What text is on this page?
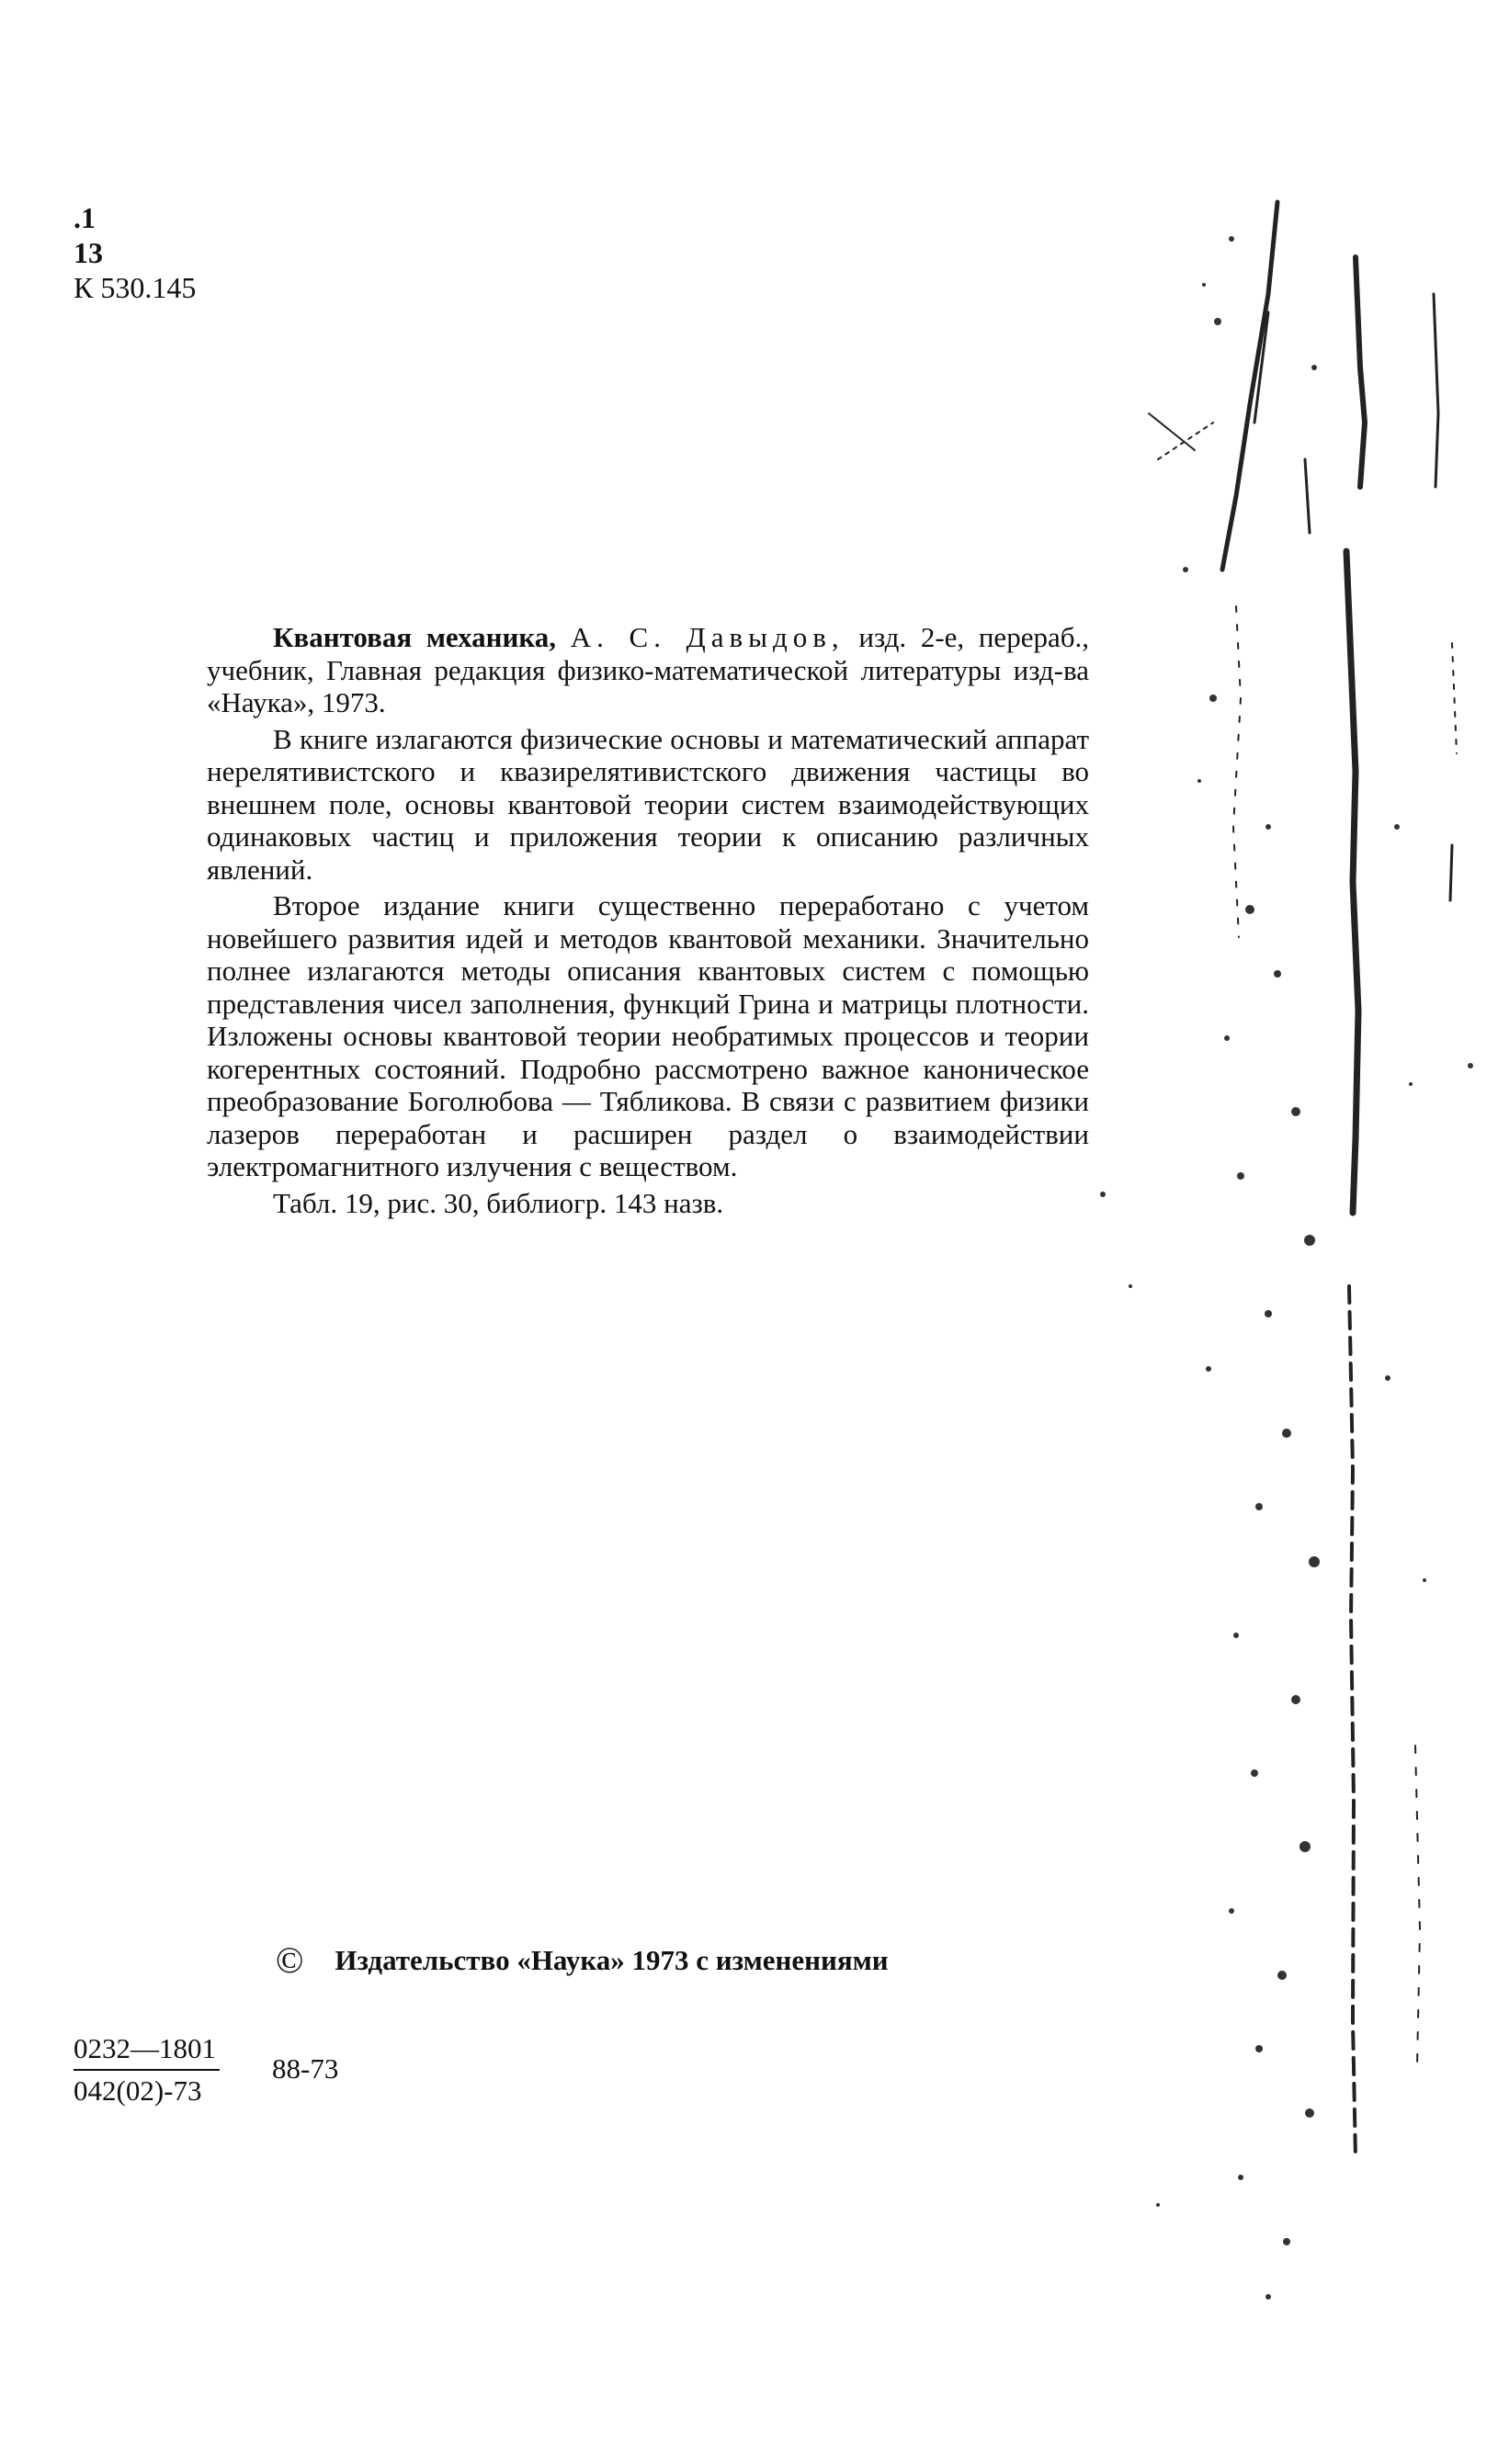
.1
13
К 530.145

Квантовая механика, А. С. Давыдов, изд. 2-е, перераб., учебник, Главная редакция физико-математической литературы изд-ва «Наука», 1973.

В книге излагаются физические основы и математический аппарат нерелятивистского и квазирелятивистского движения частицы во внешнем поле, основы квантовой теории систем взаимодействующих одинаковых частиц и приложения теории к описанию различных явлений.

Второе издание книги существенно переработано с учетом новейшего развития идей и методов квантовой механики. Значительно полнее излагаются методы описания квантовых систем с помощью представления чисел заполнения, функций Грина и матрицы плотности. Изложены основы квантовой теории необратимых процессов и теории когерентных состояний. Подробно рассмотрено важное каноническое преобразование Боголюбова — Тябликова. В связи с развитием физики лазеров переработан и расширен раздел о взаимодействии электромагнитного излучения с веществом.

Табл. 19, рис. 30, библиогр. 143 назв.

© Издательство «Наука» 1973 с изменениями
$\frac{0232—1801}{042(02)-73} 88-73$
